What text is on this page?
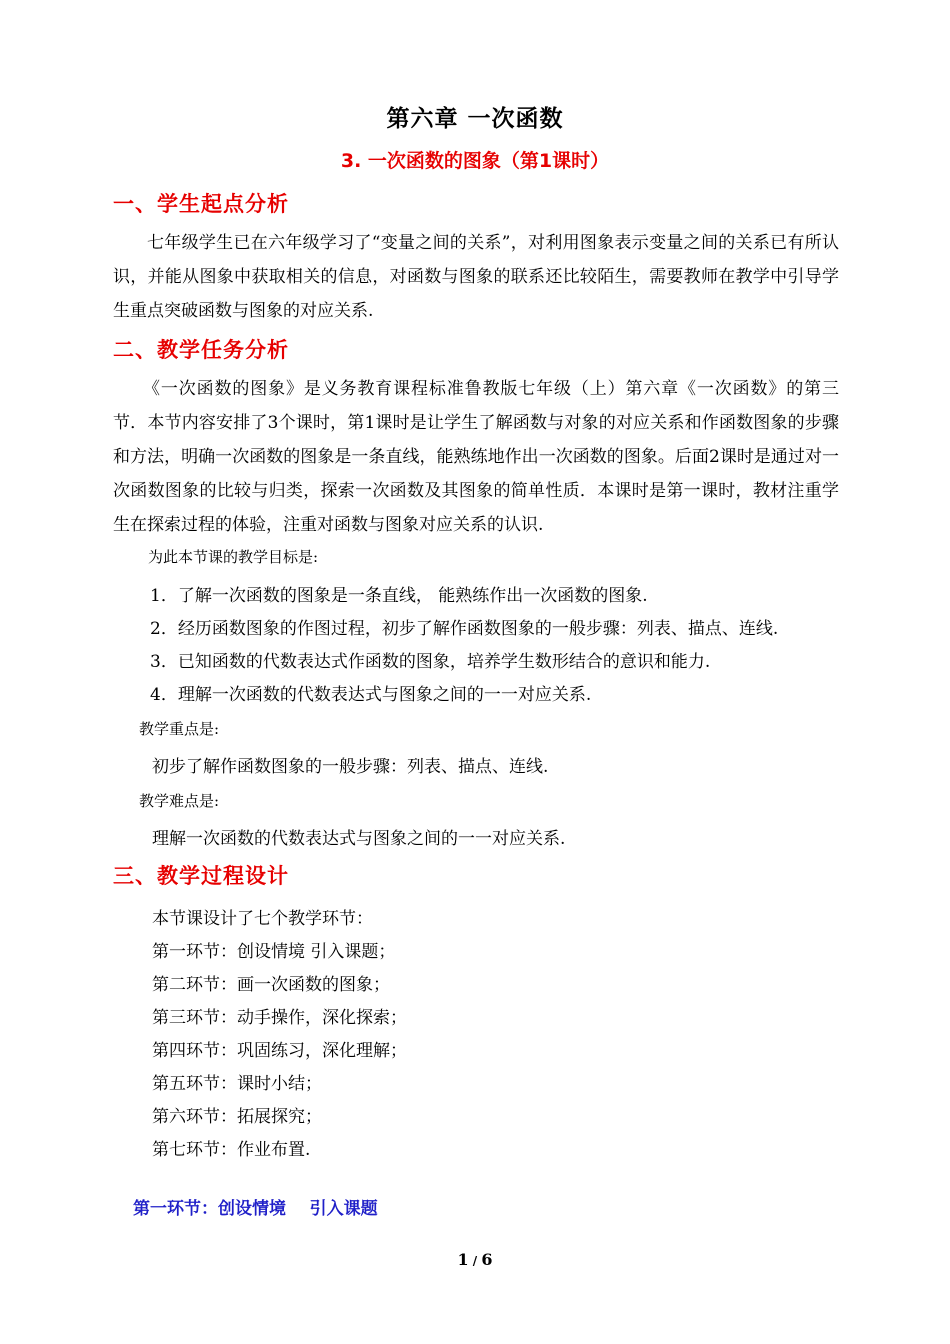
第六章 一次函数
3. 一次函数的图象（第1课时）
一、学生起点分析
七年级学生已在六年级学习了“变量之间的关系”，对利用图象表示变量之间的关系已有所认识，并能从图象中获取相关的信息，对函数与图象的联系还比较陌生，需要教师在教学中引导学生重点突破函数与图象的对应关系.
二、教学任务分析
《一次函数的图象》是义务教育课程标准鲁教版七年级（上）第六章《一次函数》的第三节．本节内容安排了3个课时，第1课时是让学生了解函数与对象的对应关系和作函数图象的步骤和方法，明确一次函数的图象是一条直线，能熟练地作出一次函数的图象。后面2课时是通过对一次函数图象的比较与归类，探索一次函数及其图象的简单性质．本课时是第一课时，教材注重学生在探索过程的体验，注重对函数与图象对应关系的认识.
为此本节课的教学目标是:
1．了解一次函数的图象是一条直线， 能熟练作出一次函数的图象.
2．经历函数图象的作图过程，初步了解作函数图象的一般步骤：列表、描点、连线.
3．已知函数的代数表达式作函数的图象，培养学生数形结合的意识和能力.
4．理解一次函数的代数表达式与图象之间的一一对应关系.
教学重点是:
初步了解作函数图象的一般步骤：列表、描点、连线.
教学难点是:
理解一次函数的代数表达式与图象之间的一一对应关系.
三、教学过程设计
本节课设计了七个教学环节：
第一环节：创设情境 引入课题；
第二环节：画一次函数的图象；
第三环节：动手操作，深化探索；
第四环节：巩固练习，深化理解；
第五环节：课时小结；
第六环节：拓展探究；
第七环节：作业布置.
第一环节：创设情境    引入课题
1 / 6
